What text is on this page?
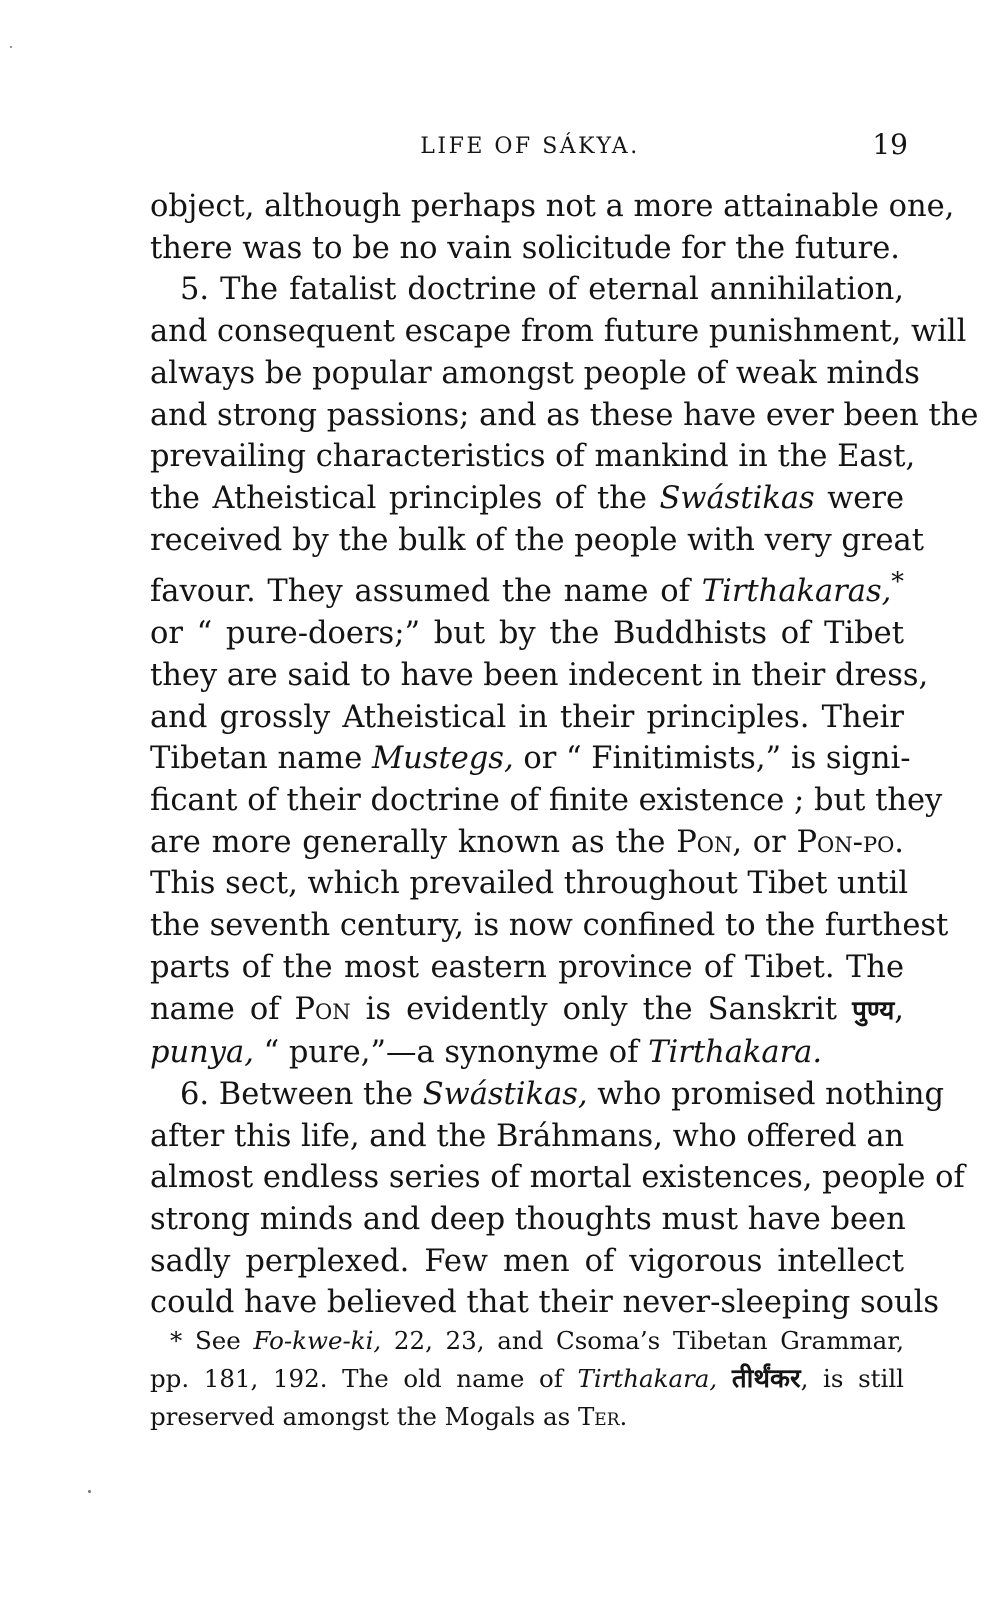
LIFE OF SÁKYA.	19
object, although perhaps not a more attainable one,
there was to be no vain solicitude for the future.
5. The fatalist doctrine of eternal annihilation,
and consequent escape from future punishment, will
always be popular amongst people of weak minds
and strong passions; and as these have ever been the
prevailing characteristics of mankind in the East,
the Atheistical principles of the Swástikas were
received by the bulk of the people with very great
favour. They assumed the name of Tirthakaras,*
or “ pure-doers;” but by the Buddhists of Tibet
they are said to have been indecent in their dress,
and grossly Atheistical in their principles. Their
Tibetan name Mustegs, or “ Finitimists,” is signi-
ficant of their doctrine of finite existence ; but they
are more generally known as the Pon, or Pon-po.
This sect, which prevailed throughout Tibet until
the seventh century, is now confined to the furthest
parts of the most eastern province of Tibet. The
name of Pon is evidently only the Sanskrit पुण्य,
punya, “ pure,”—a synonyme of Tirthakara.
6. Between the Swástikas, who promised nothing
after this life, and the Bráhmans, who offered an
almost endless series of mortal existences, people of
strong minds and deep thoughts must have been
sadly perplexed. Few men of vigorous intellect
could have believed that their never-sleeping souls
* See Fo-kwe-ki, 22, 23, and Csoma’s Tibetan Grammar,
pp. 181, 192. The old name of Tirthakara, तीर्थंकर, is still
preserved amongst the Mogals as Ter.
